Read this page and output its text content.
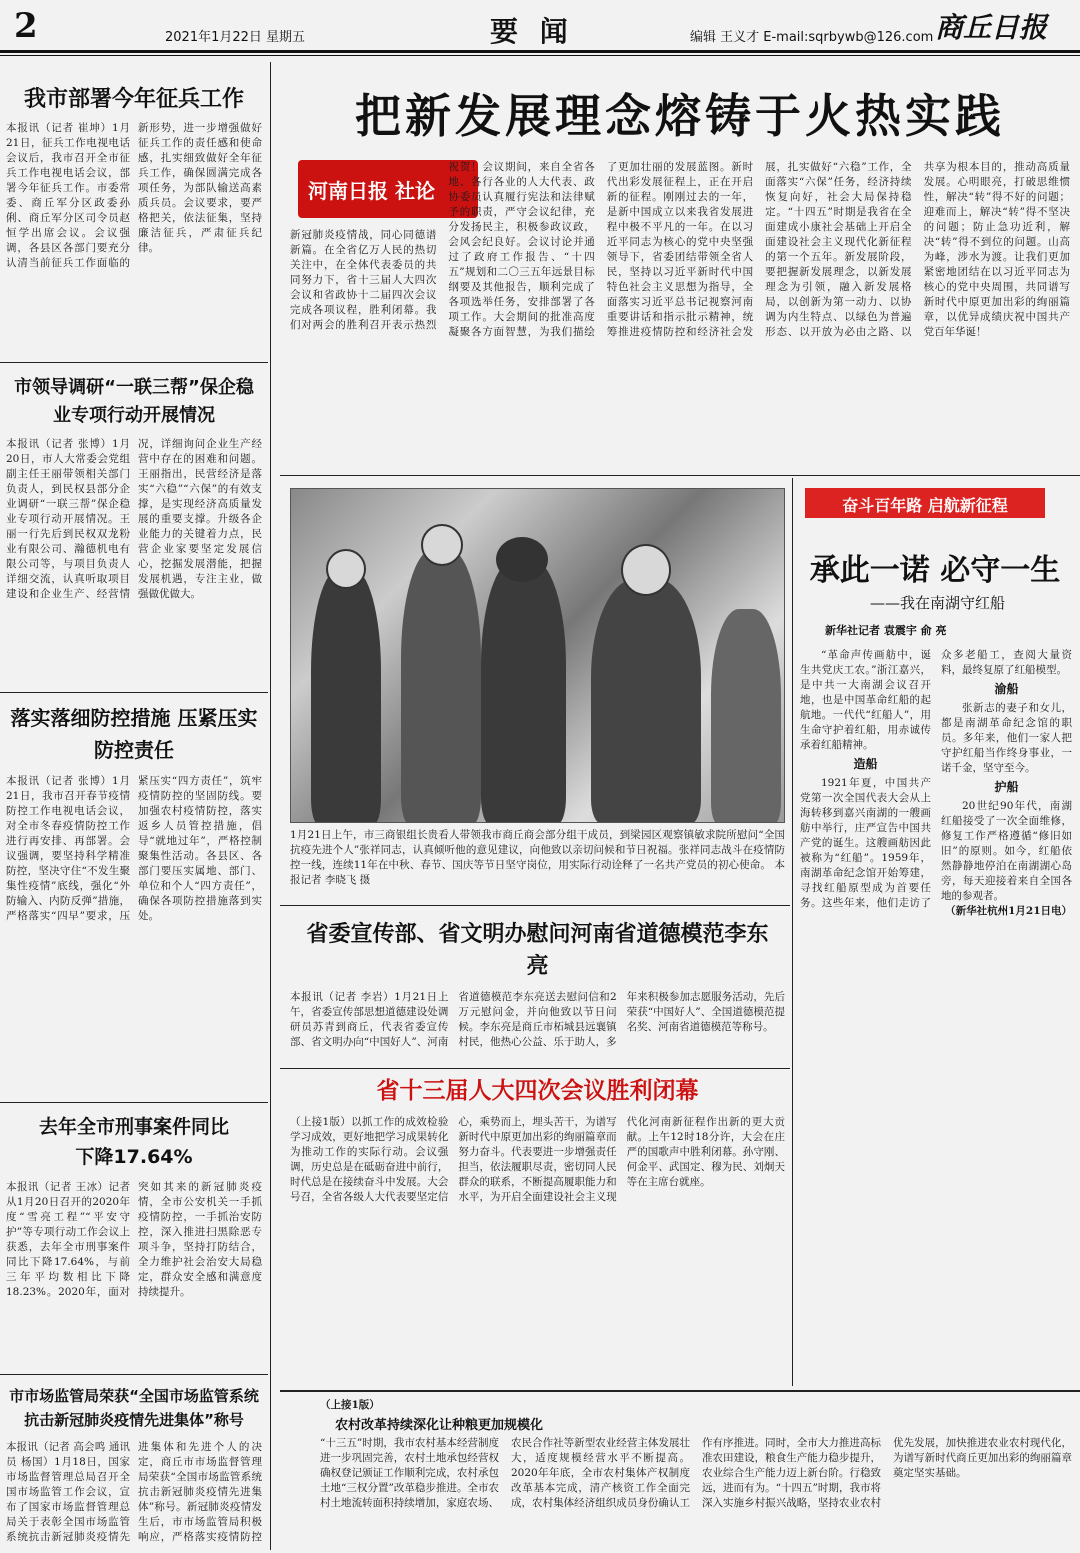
2	2021年1月22日 星期五	要 闻	编辑 王义才 E-mail:sqrbywb@126.com 商丘日报
我市部署今年征兵工作
本报讯（记者 崔坤）1月21日，征兵工作电视电话会议后，我市召开全市征兵工作电视电话会议，部署今年征兵工作。市委常委、商丘军分区政委孙俐、商丘军分区司令员赵恒学出席会议。会议强调，各县区各部门要充分认清当前征兵工作面临的新形势，进一步增强做好征兵工作的责任感和使命感，扎实细致做好全年征兵工作，确保圆满完成各项任务，为部队输送高素质兵员。会议要求，要严格把关，依法征集，坚持廉洁征兵，严肃征兵纪律。
市领导调研“一联三帮”保企稳业专项行动开展情况
本报讯（记者 张博）1月20日，市人大常委会党组副主任王丽带领相关部门负责人，到民权县部分企业调研“一联三帮”保企稳业专项行动开展情况。王丽一行先后到民权双龙粉业有限公司、瀚德机电有限公司等，与项目负责人详细交流，认真听取项目建设和企业生产、经营情况，详细询问企业生产经营中存在的困难和问题。王丽指出，民营经济是落实“六稳”“六保”的有效支撑，是实现经济高质量发展的重要支撑。升级各企业能力的关键着力点，民营企业家要坚定发展信心，挖掘发展潜能，把握发展机遇，专注主业，做强做优做大。
落实落细防控措施 压紧压实防控责任
本报讯（记者 张博）1月21日，我市召开春节疫情防控工作电视电话会议，对全市冬春疫情防控工作进行再安排、再部署。会议强调，要坚持科学精准防控，坚决守住“不发生聚集性疫情”底线，强化“外防输入、内防反弹”措施，严格落实“四早”要求，压紧压实“四方责任”，筑牢疫情防控的坚固防线。要加强农村疫情防控，落实返乡人员管控措施，倡导“就地过年”，严格控制聚集性活动。各县区、各部门要压实属地、部门、单位和个人“四方责任”，确保各项防控措施落到实处。
去年全市刑事案件同比下降17.64%
本报讯（记者 王冰）记者从1月20日召开的2020年度“雪亮工程”“平安守护”等专项行动工作会议上获悉，去年全市刑事案件同比下降17.64%，与前三年平均数相比下降18.23%。2020年，面对突如其来的新冠肺炎疫情，全市公安机关一手抓疫情防控，一手抓治安防控，深入推进扫黑除恶专项斗争，坚持打防结合，全力维护社会治安大局稳定，群众安全感和满意度持续提升。
市市场监管局荣获“全国市场监管系统抗击新冠肺炎疫情先进集体”称号
本报讯（记者 高会鸣 通讯员 杨国）1月18日，国家市场监督管理总局召开全国市场监管工作会议，宣布了国家市场监督管理总局关于表彰全国市场监管系统抗击新冠肺炎疫情先进集体和先进个人的决定，商丘市市场监督管理局荣获“全国市场监管系统抗击新冠肺炎疫情先进集体”称号。新冠肺炎疫情发生后，市市场监管局积极响应，严格落实疫情防控
把新发展理念熔铸于火热实践
河南日报 社论
新冠肺炎疫情战，同心同德谱新篇。在全省亿万人民的热切关注中，在全体代表委员的共同努力下，省十三届人大四次会议和省政协十二届四次会议完成各项议程，胜利闭幕。我们对两会的胜利召开表示热烈祝贺！会议期间，来自全省各地、各行各业的人大代表、政协委员认真履行宪法和法律赋予的职责，严守会议纪律，充分发扬民主，积极参政议政，会风会纪良好。会议讨论并通过了政府工作报告、“十四五”规划和二〇三五年远景目标纲要及其他报告，顺利完成了各项选举任务，安排部署了各项工作。大会期间的批准高度凝聚各方面智慧，为我们描绘了更加壮丽的发展蓝图。新时代出彩发展征程上，正在开启新的征程。刚刚过去的一年，是新中国成立以来我省发展进程中极不平凡的一年。在以习近平同志为核心的党中央坚强领导下，省委团结带领全省人民，坚持以习近平新时代中国特色社会主义思想为指导，全面落实习近平总书记视察河南重要讲话和指示批示精神，统筹推进疫情防控和经济社会发展，扎实做好“六稳”工作，全面落实“六保”任务，经济持续恢复向好，社会大局保持稳定。“十四五”时期是我省在全面建成小康社会基础上开启全面建设社会主义现代化新征程的第一个五年。新发展阶段，要把握新发展理念，以新发展理念为引领，融入新发展格局，以创新为第一动力、以协调为内生特点、以绿色为普遍形态、以开放为必由之路、以共享为根本目的，推动高质量发展。心明眼亮，打破思维惯性，解决“转”得不好的问题；迎难而上，解决“转”得不坚决的问题；防止急功近利，解决“转”得不到位的问题。山高为峰，涉水为渡。让我们更加紧密地团结在以习近平同志为核心的党中央周围，共同谱写新时代中原更加出彩的绚丽篇章，以优异成绩庆祝中国共产党百年华诞！
1月21日上午，市三商银组长贵看人带领我市商丘商会部分组干成员，到梁园区观察镇敏求院所慰问“全国抗疫先进个人”张祥同志，认真倾听他的意见建议，向他致以亲切问候和节日祝福。张祥同志战斗在疫情防控一线，连续11年在中秋、春节、国庆等节日坚守岗位，用实际行动诠释了一名共产党员的初心使命。 本报记者 李晓飞 摄
省委宣传部、省文明办慰问河南省道德模范李东亮
本报讯（记者 李岩）1月21日上午，省委宣传部思想道德建设处调研员苏青到商丘，代表省委宣传部、省文明办向“中国好人”、河南省道德模范李东亮送去慰问信和2万元慰问金，并向他致以节日问候。李东亮是商丘市柘城县远襄镇村民，他热心公益、乐于助人，多年来积极参加志愿服务活动，先后荣获“中国好人”、全国道德模范提名奖、河南省道德模范等称号。
省十三届人大四次会议胜利闭幕
（上接1版）以抓工作的成效检验学习成效，更好地把学习成果转化为推动工作的实际行动。会议强调，历史总是在砥砺奋进中前行，时代总是在接续奋斗中发展。大会号召，全省各级人大代表要坚定信心，乘势而上，埋头苦干，为谱写新时代中原更加出彩的绚丽篇章而努力奋斗。代表要进一步增强责任担当，依法履职尽责，密切同人民群众的联系，不断提高履职能力和水平，为开启全面建设社会主义现代化河南新征程作出新的更大贡献。上午12时18分许，大会在庄严的国歌声中胜利闭幕。孙守刚、何金平、武国定、穆为民、刘炯天等在主席台就座。
奋斗百年路 启航新征程
承此一诺 必守一生
——我在南湖守红船
新华社记者 袁震宇 俞 亮

“革命声传画舫中，诞生共党庆工农。”浙江嘉兴，是中共一大南湖会议召开地，也是中国革命红船的起航地。一代代“红船人”，用生命守护着红船，用赤诚传承着红船精神。

造船

1921年夏，中国共产党第一次全国代表大会从上海转移到嘉兴南湖的一艘画舫中举行，庄严宣告中国共产党的诞生。这艘画舫因此被称为“红船”。1959年，南湖革命纪念馆开始筹建，寻找红船原型成为首要任务。这些年来，他们走访了众多老船工，查阅大量资料，最终复原了红船模型。

渝船

张新志的妻子和女儿，都是南湖革命纪念馆的职员。多年来，他们一家人把守护红船当作终身事业，一诺千金，坚守至今。

护船

20世纪90年代，南湖红船接受了一次全面维修，修复工作严格遵循“修旧如旧”的原则。如今，红船依然静静地停泊在南湖湖心岛旁，每天迎接着来自全国各地的参观者。

（新华社杭州1月21日电）
（上接1版）
农村改革持续深化让种粮更加规模化
“十三五”时期，我市农村基本经营制度进一步巩固完善，农村土地承包经营权确权登记颁证工作顺利完成，农村承包土地“三权分置”改革稳步推进。全市农村土地流转面积持续增加，家庭农场、农民合作社等新型农业经营主体发展壮大，适度规模经营水平不断提高。2020年年底，全市农村集体产权制度改革基本完成，清产核资工作全面完成，农村集体经济组织成员身份确认工作有序推进。同时，全市大力推进高标准农田建设，粮食生产能力稳步提升，农业综合生产能力迈上新台阶。行稳致远，进而有为。“十四五”时期，我市将深入实施乡村振兴战略，坚持农业农村优先发展，加快推进农业农村现代化，为谱写新时代商丘更加出彩的绚丽篇章奠定坚实基础。
